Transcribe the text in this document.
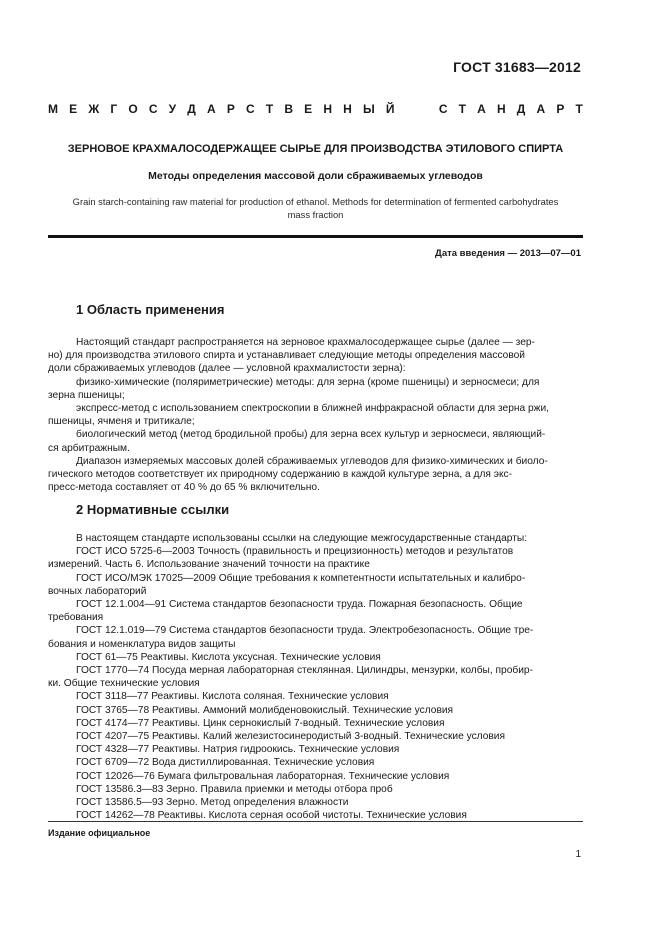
ГОСТ 31683—2012
М Е Ж Г О С У Д А Р С Т В Е Н Н Ы Й	С Т А Н Д А Р Т
ЗЕРНОВОЕ КРАХМАЛОСОДЕРЖАЩЕЕ СЫРЬЕ ДЛЯ ПРОИЗВОДСТВА ЭТИЛОВОГО СПИРТА
Методы определения массовой доли сбраживаемых углеводов
Grain starch-containing raw material for production of ethanol. Methods for determination of fermented carbohydrates
mass fraction
Дата введения — 2013—07—01
1 Область применения
Настоящий стандарт распространяется на зерновое крахмалосодержащее сырье (далее — зер-
но) для производства этилового спирта и устанавливает следующие методы определения массовой
доли сбраживаемых углеводов (далее — условной крахмалистости зерна):
физико-химические (поляриметрические) методы: для зерна (кроме пшеницы) и зерносмеси; для
зерна пшеницы;
экспресс-метод с использованием спектроскопии в ближней инфракрасной области для зерна ржи,
пшеницы, ячменя и тритикале;
биологический метод (метод бродильной пробы) для зерна всех культур и зерносмеси, являющий-
ся арбитражным.
Диапазон измеряемых массовых долей сбраживаемых углеводов для физико-химических и биоло-
гического методов соответствует их природному содержанию в каждой культуре зерна, а для экс-
пресс-метода составляет от 40 % до 65 % включительно.
2 Нормативные ссылки
В настоящем стандарте использованы ссылки на следующие межгосударственные стандарты:
ГОСТ ИСО 5725-6—2003 Точность (правильность и прецизионность) методов и результатов
измерений. Часть 6. Использование значений точности на практике
ГОСТ ИСО/МЭК 17025—2009 Общие требования к компетентности испытательных и калибро-
вочных лабораторий
ГОСТ 12.1.004—91 Система стандартов безопасности труда. Пожарная безопасность. Общие
требования
ГОСТ 12.1.019—79 Система стандартов безопасности труда. Электробезопасность. Общие тре-
бования и номенклатура видов защиты
ГОСТ 61—75 Реактивы. Кислота уксусная. Технические условия
ГОСТ 1770—74 Посуда мерная лабораторная стеклянная. Цилиндры, мензурки, колбы, пробир-
ки. Общие технические условия
ГОСТ 3118—77 Реактивы. Кислота соляная. Технические условия
ГОСТ 3765—78 Реактивы. Аммоний молибденовокислый. Технические условия
ГОСТ 4174—77 Реактивы. Цинк сернокислый 7-водный. Технические условия
ГОСТ 4207—75 Реактивы. Калий железистосинеродистый 3-водный. Технические условия
ГОСТ 4328—77 Реактивы. Натрия гидроокись. Технические условия
ГОСТ 6709—72 Вода дистиллированная. Технические условия
ГОСТ 12026—76 Бумага фильтровальная лабораторная. Технические условия
ГОСТ 13586.3—83 Зерно. Правила приемки и методы отбора проб
ГОСТ 13586.5—93 Зерно. Метод определения влажности
ГОСТ 14262—78 Реактивы. Кислота серная особой чистоты. Технические условия
Издание официальное
1
